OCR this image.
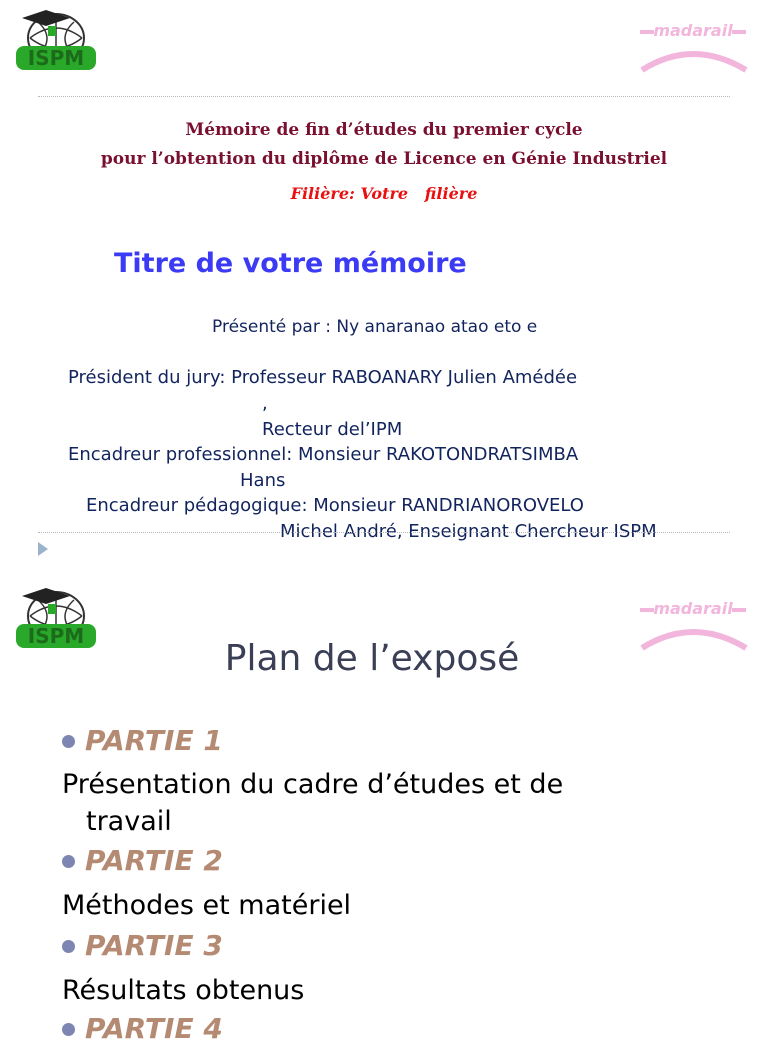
ISPM
madarail
Mémoire de fin d’études du premier cycle
pour l’obtention du diplôme de Licence en Génie Industriel
Filière: Votre   filière
Titre de votre mémoire
Présenté par : Ny anaranao atao eto e
Président du jury: Professeur RABOANARY Julien Amédée
,
Recteur del’IPM
Encadreur professionnel: Monsieur RAKOTONDRATSIMBA
Hans
Encadreur pédagogique: Monsieur RANDRIANOROVELO
Michel André, Enseignant Chercheur ISPM
ISPM
madarail
Plan de l’exposé
PARTIE 1
Présentation du cadre d’études et de
travail
PARTIE 2
Méthodes et matériel
PARTIE 3
Résultats obtenus
PARTIE 4
